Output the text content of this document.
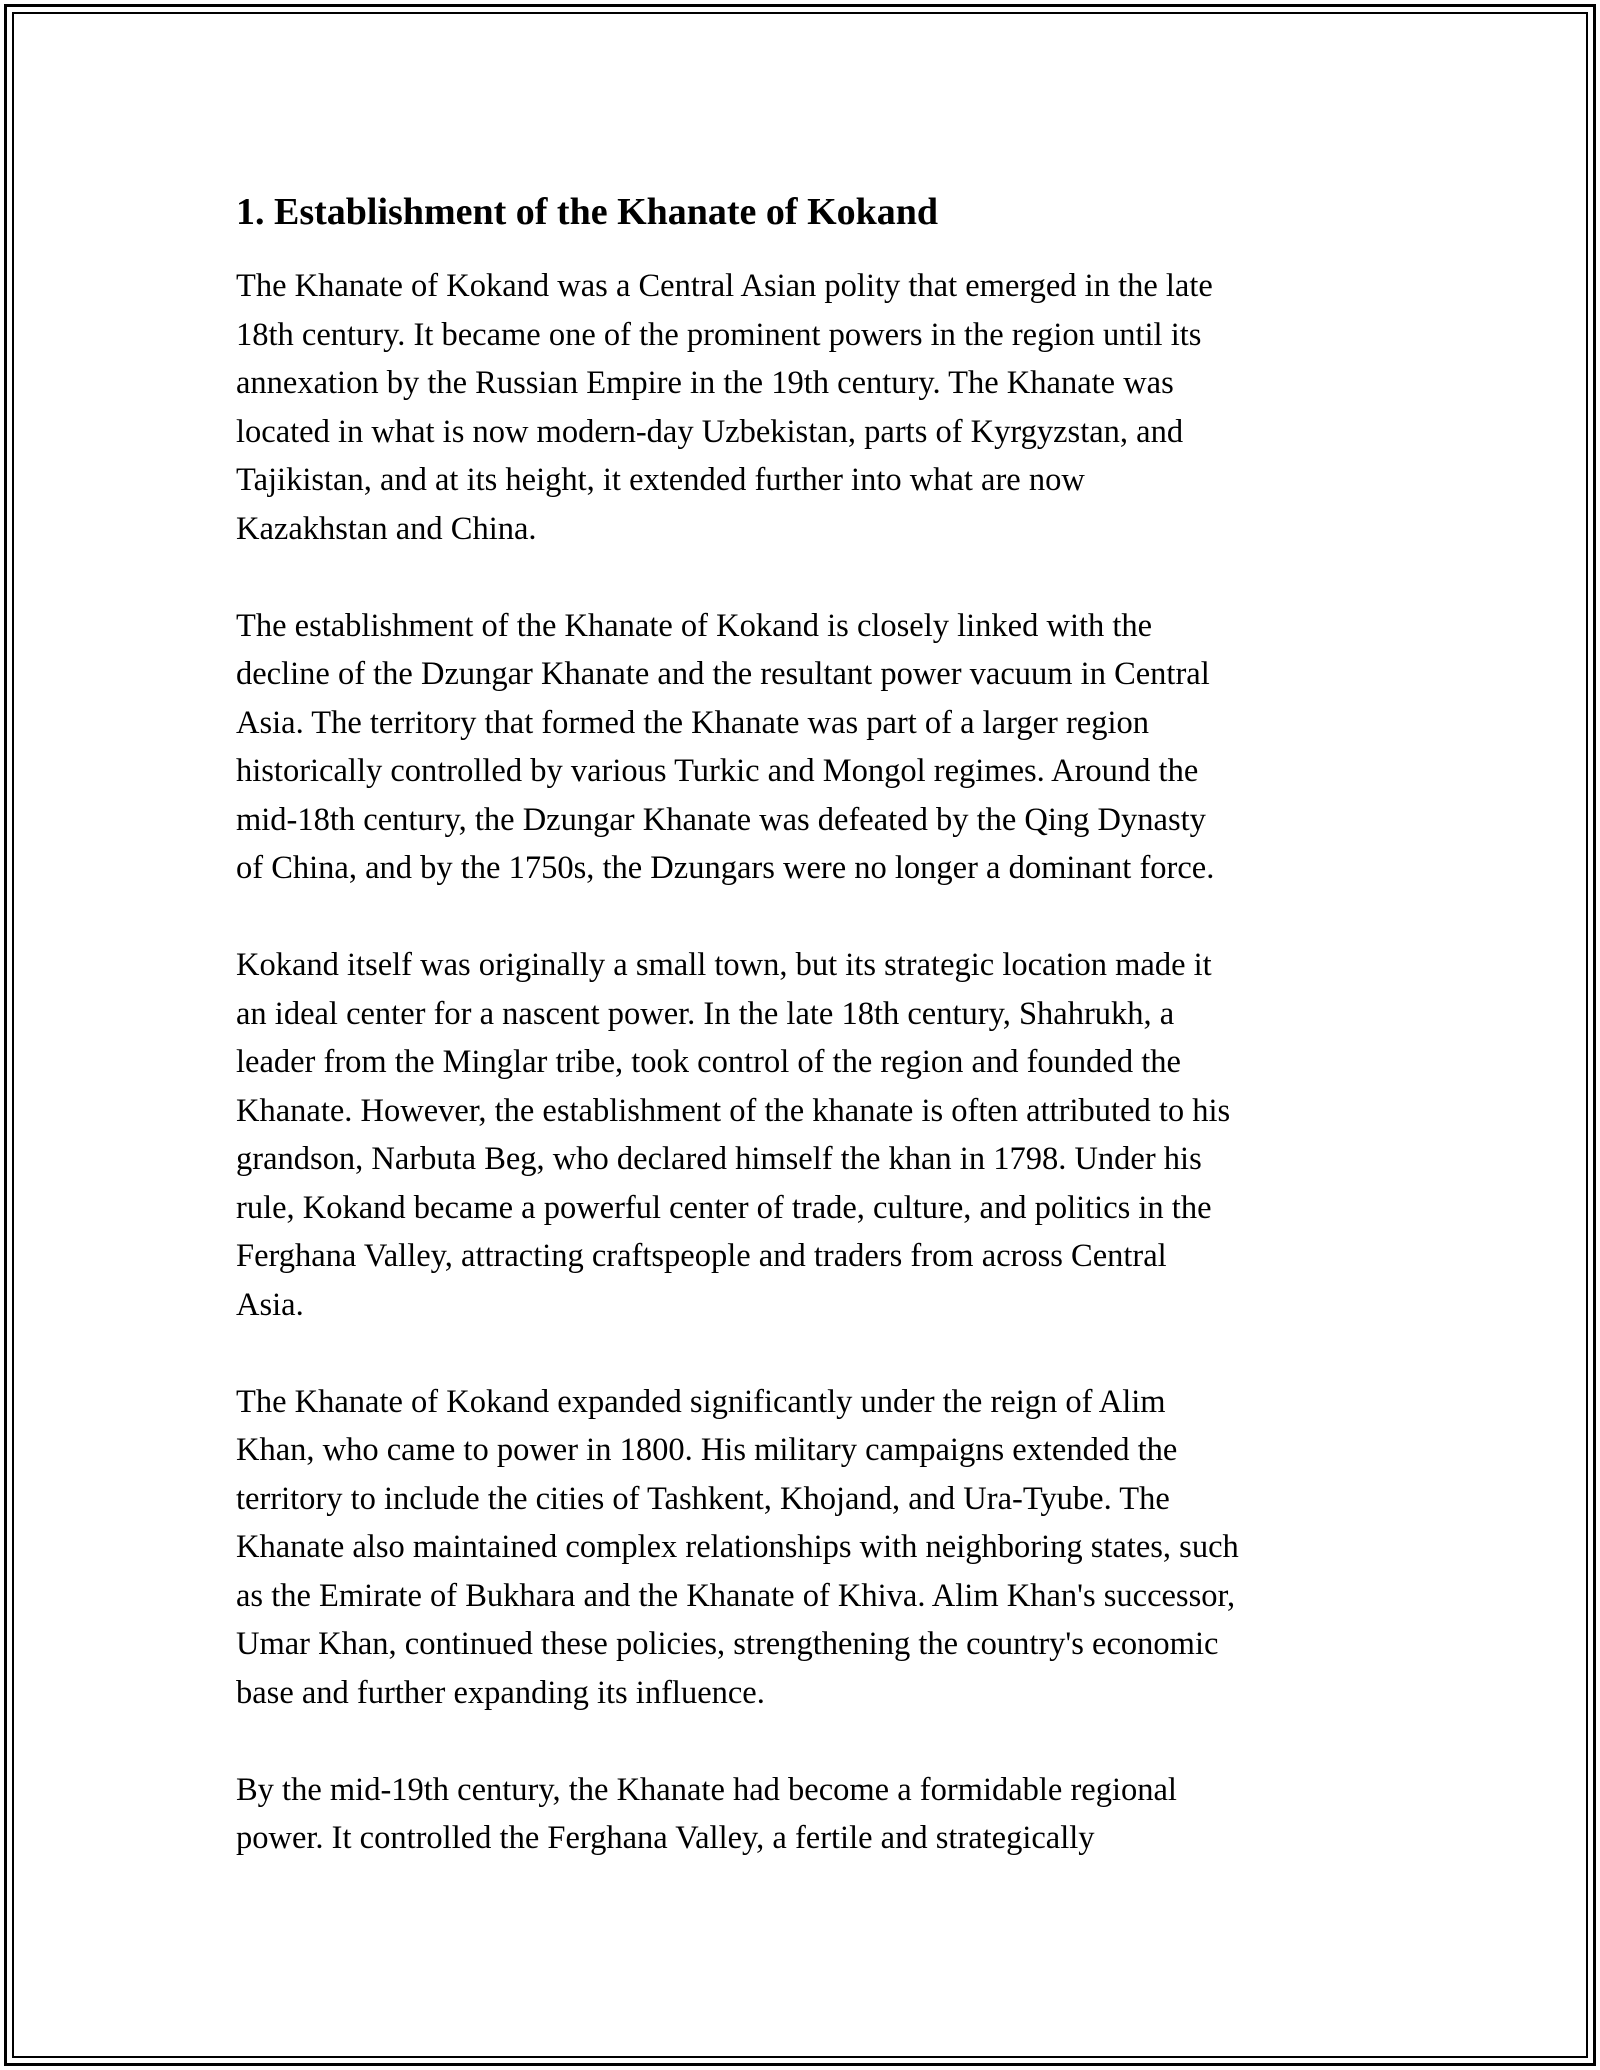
1. Establishment of the Khanate of Kokand

The Khanate of Kokand was a Central Asian polity that emerged in the late
18th century. It became one of the prominent powers in the region until its
annexation by the Russian Empire in the 19th century. The Khanate was
located in what is now modern-day Uzbekistan, parts of Kyrgyzstan, and
Tajikistan, and at its height, it extended further into what are now
Kazakhstan and China.

The establishment of the Khanate of Kokand is closely linked with the
decline of the Dzungar Khanate and the resultant power vacuum in Central
Asia. The territory that formed the Khanate was part of a larger region
historically controlled by various Turkic and Mongol regimes. Around the
mid-18th century, the Dzungar Khanate was defeated by the Qing Dynasty
of China, and by the 1750s, the Dzungars were no longer a dominant force.

Kokand itself was originally a small town, but its strategic location made it
an ideal center for a nascent power. In the late 18th century, Shahrukh, a
leader from the Minglar tribe, took control of the region and founded the
Khanate. However, the establishment of the khanate is often attributed to his
grandson, Narbuta Beg, who declared himself the khan in 1798. Under his
rule, Kokand became a powerful center of trade, culture, and politics in the
Ferghana Valley, attracting craftspeople and traders from across Central
Asia.

The Khanate of Kokand expanded significantly under the reign of Alim
Khan, who came to power in 1800. His military campaigns extended the
territory to include the cities of Tashkent, Khojand, and Ura-Tyube. The
Khanate also maintained complex relationships with neighboring states, such
as the Emirate of Bukhara and the Khanate of Khiva. Alim Khan's successor,
Umar Khan, continued these policies, strengthening the country's economic
base and further expanding its influence.

By the mid-19th century, the Khanate had become a formidable regional
power. It controlled the Ferghana Valley, a fertile and strategically
